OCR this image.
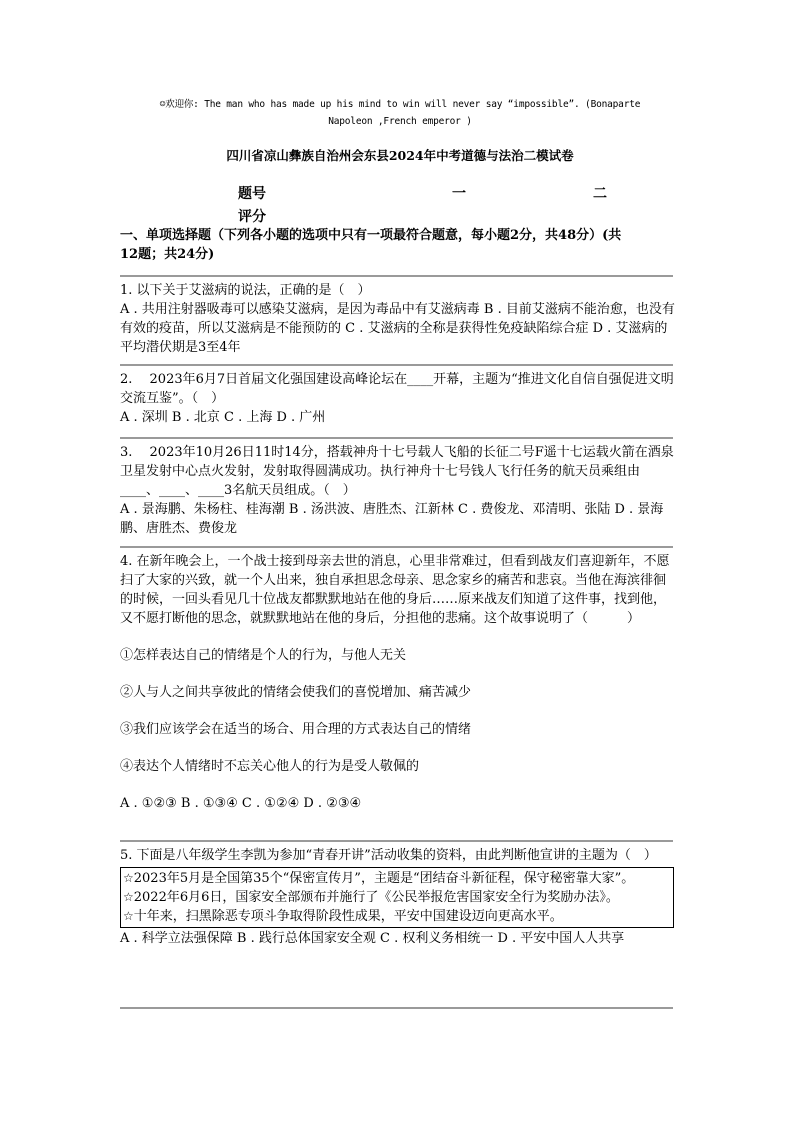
☺欢迎你: The man who has made up his mind to win will never say “impossible”. (Bonaparte
Napoleon ,French emperor )
四川省凉山彝族自治州会东县2024年中考道德与法治二模试卷
题号	一	二
评分
一、单项选择题（下列各小题的选项中只有一项最符合题意，每小题2分，共48分）(共
12题；共24分)

1. 以下关于艾滋病的说法，正确的是（　）

A . 共用注射器吸毒可以感染艾滋病，是因为毒品中有艾滋病毒 B . 目前艾滋病不能治愈，也没有有效的疫苗，所以艾滋病是不能预防的 C . 艾滋病的全称是获得性免疫缺陷综合症 D . 艾滋病的平均潜伏期是3至4年

2.　 2023年6月7日首届文化强国建设高峰论坛在____开幕，主题为“推进文化自信自强促进文明交流互鉴”。（　）

A . 深圳 B . 北京 C . 上海 D . 广州

3.　 2023年10月26日11时14分，搭载神舟十七号载人飞船的长征二号F遥十七运载火箭在酒泉卫星发射中心点火发射，发射取得圆满成功。执行神舟十七号钱人飞行任务的航天员乘组由____、____、____3名航天员组成。（　）

A . 景海鹏、朱杨柱、桂海潮 B . 汤洪波、唐胜杰、江新林 C . 费俊龙、邓清明、张陆 D . 景海鹏、唐胜杰、费俊龙

4. 在新年晚会上，一个战士接到母亲去世的消息，心里非常难过，但看到战友们喜迎新年，不愿扫了大家的兴致，就一个人出来，独自承担思念母亲、思念家乡的痛苦和悲哀。当他在海滨徘徊的时候，一回头看见几十位战友都默默地站在他的身后……原来战友们知道了这件事，找到他，又不愿打断他的思念，就默默地站在他的身后，分担他的悲痛。这个故事说明了（　　　）

①怎样表达自己的情绪是个人的行为，与他人无关

②人与人之间共享彼此的情绪会使我们的喜悦增加、痛苦减少

③我们应该学会在适当的场合、用合理的方式表达自己的情绪

④表达个人情绪时不忘关心他人的行为是受人敬佩的

A . ①②③ B . ①③④ C . ①②④ D . ②③④

5. 下面是八年级学生李凯为参加“青春开讲”活动收集的资料，由此判断他宣讲的主题为（　）

☆2023年5月是全国第35个“保密宣传月”，主题是“团结奋斗新征程，保守秘密靠大家”。

☆2022年6月6日，国家安全部颁布并施行了《公民举报危害国家安全行为奖励办法》。

☆十年来，扫黑除恶专项斗争取得阶段性成果，平安中国建设迈向更高水平。

A . 科学立法强保障 B . 践行总体国家安全观 C . 权利义务相统一 D . 平安中国人人共享
